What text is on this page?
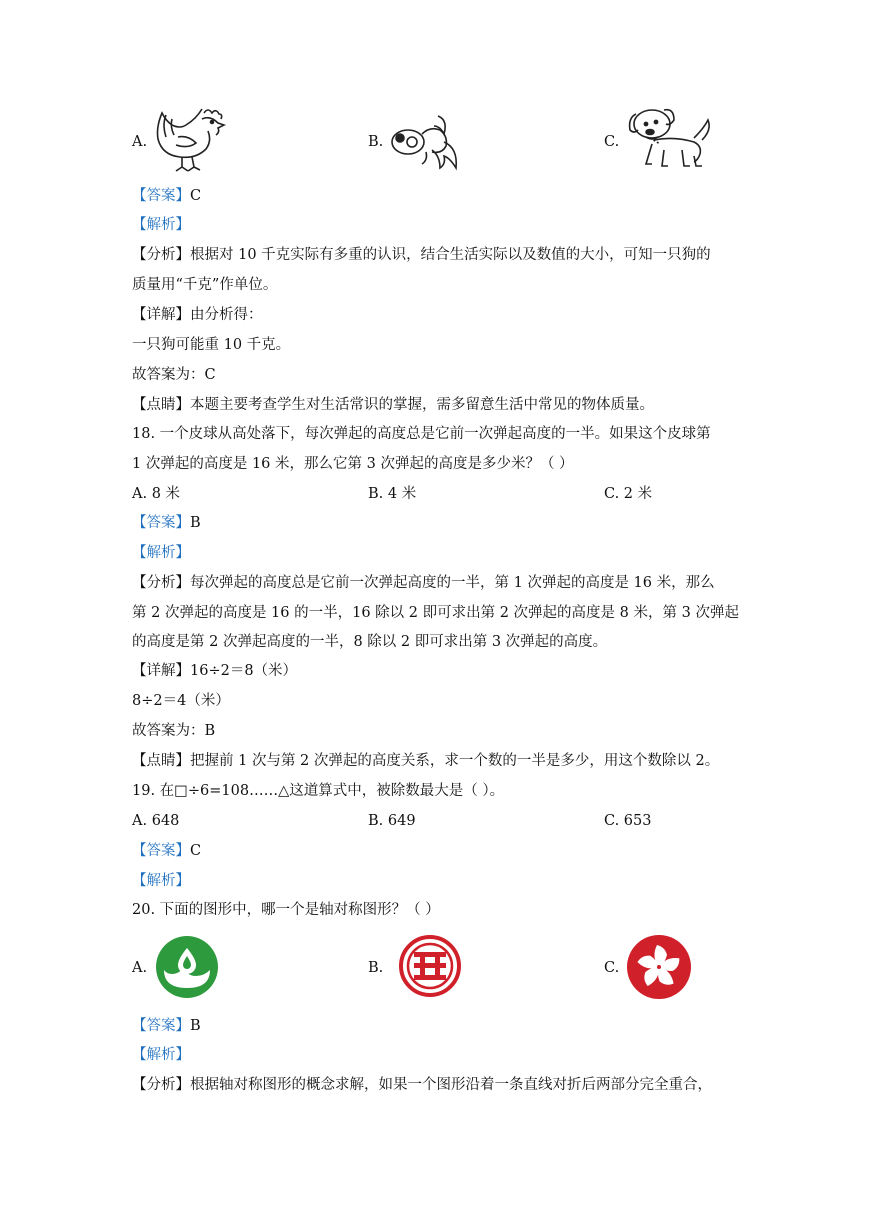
A.	B.	C.
【答案】C
【解析】
【分析】根据对 10 千克实际有多重的认识，结合生活实际以及数值的大小，可知一只狗的
质量用“千克”作单位。
【详解】由分析得：
一只狗可能重 10 千克。
故答案为：C
【点睛】本题主要考查学生对生活常识的掌握，需多留意生活中常见的物体质量。
18. 一个皮球从高处落下，每次弹起的高度总是它前一次弹起高度的一半。如果这个皮球第
1 次弹起的高度是 16 米，那么它第 3 次弹起的高度是多少米？（ ）
A. 8 米	B. 4 米	C. 2 米
【答案】B
【解析】
【分析】每次弹起的高度总是它前一次弹起高度的一半，第 1 次弹起的高度是 16 米，那么
第 2 次弹起的高度是 16 的一半，16 除以 2 即可求出第 2 次弹起的高度是 8 米，第 3 次弹起
的高度是第 2 次弹起高度的一半，8 除以 2 即可求出第 3 次弹起的高度。
【详解】16÷2＝8（米）
8÷2＝4（米）
故答案为：B
【点睛】把握前 1 次与第 2 次弹起的高度关系，求一个数的一半是多少，用这个数除以 2。
19. 在□÷6=108……△这道算式中，被除数最大是（ ）。
A. 648	B. 649	C. 653
【答案】C
【解析】
20. 下面的图形中，哪一个是轴对称图形？（ ）
A.	B.	C.
【答案】B
【解析】
【分析】根据轴对称图形的概念求解，如果一个图形沿着一条直线对折后两部分完全重合，
